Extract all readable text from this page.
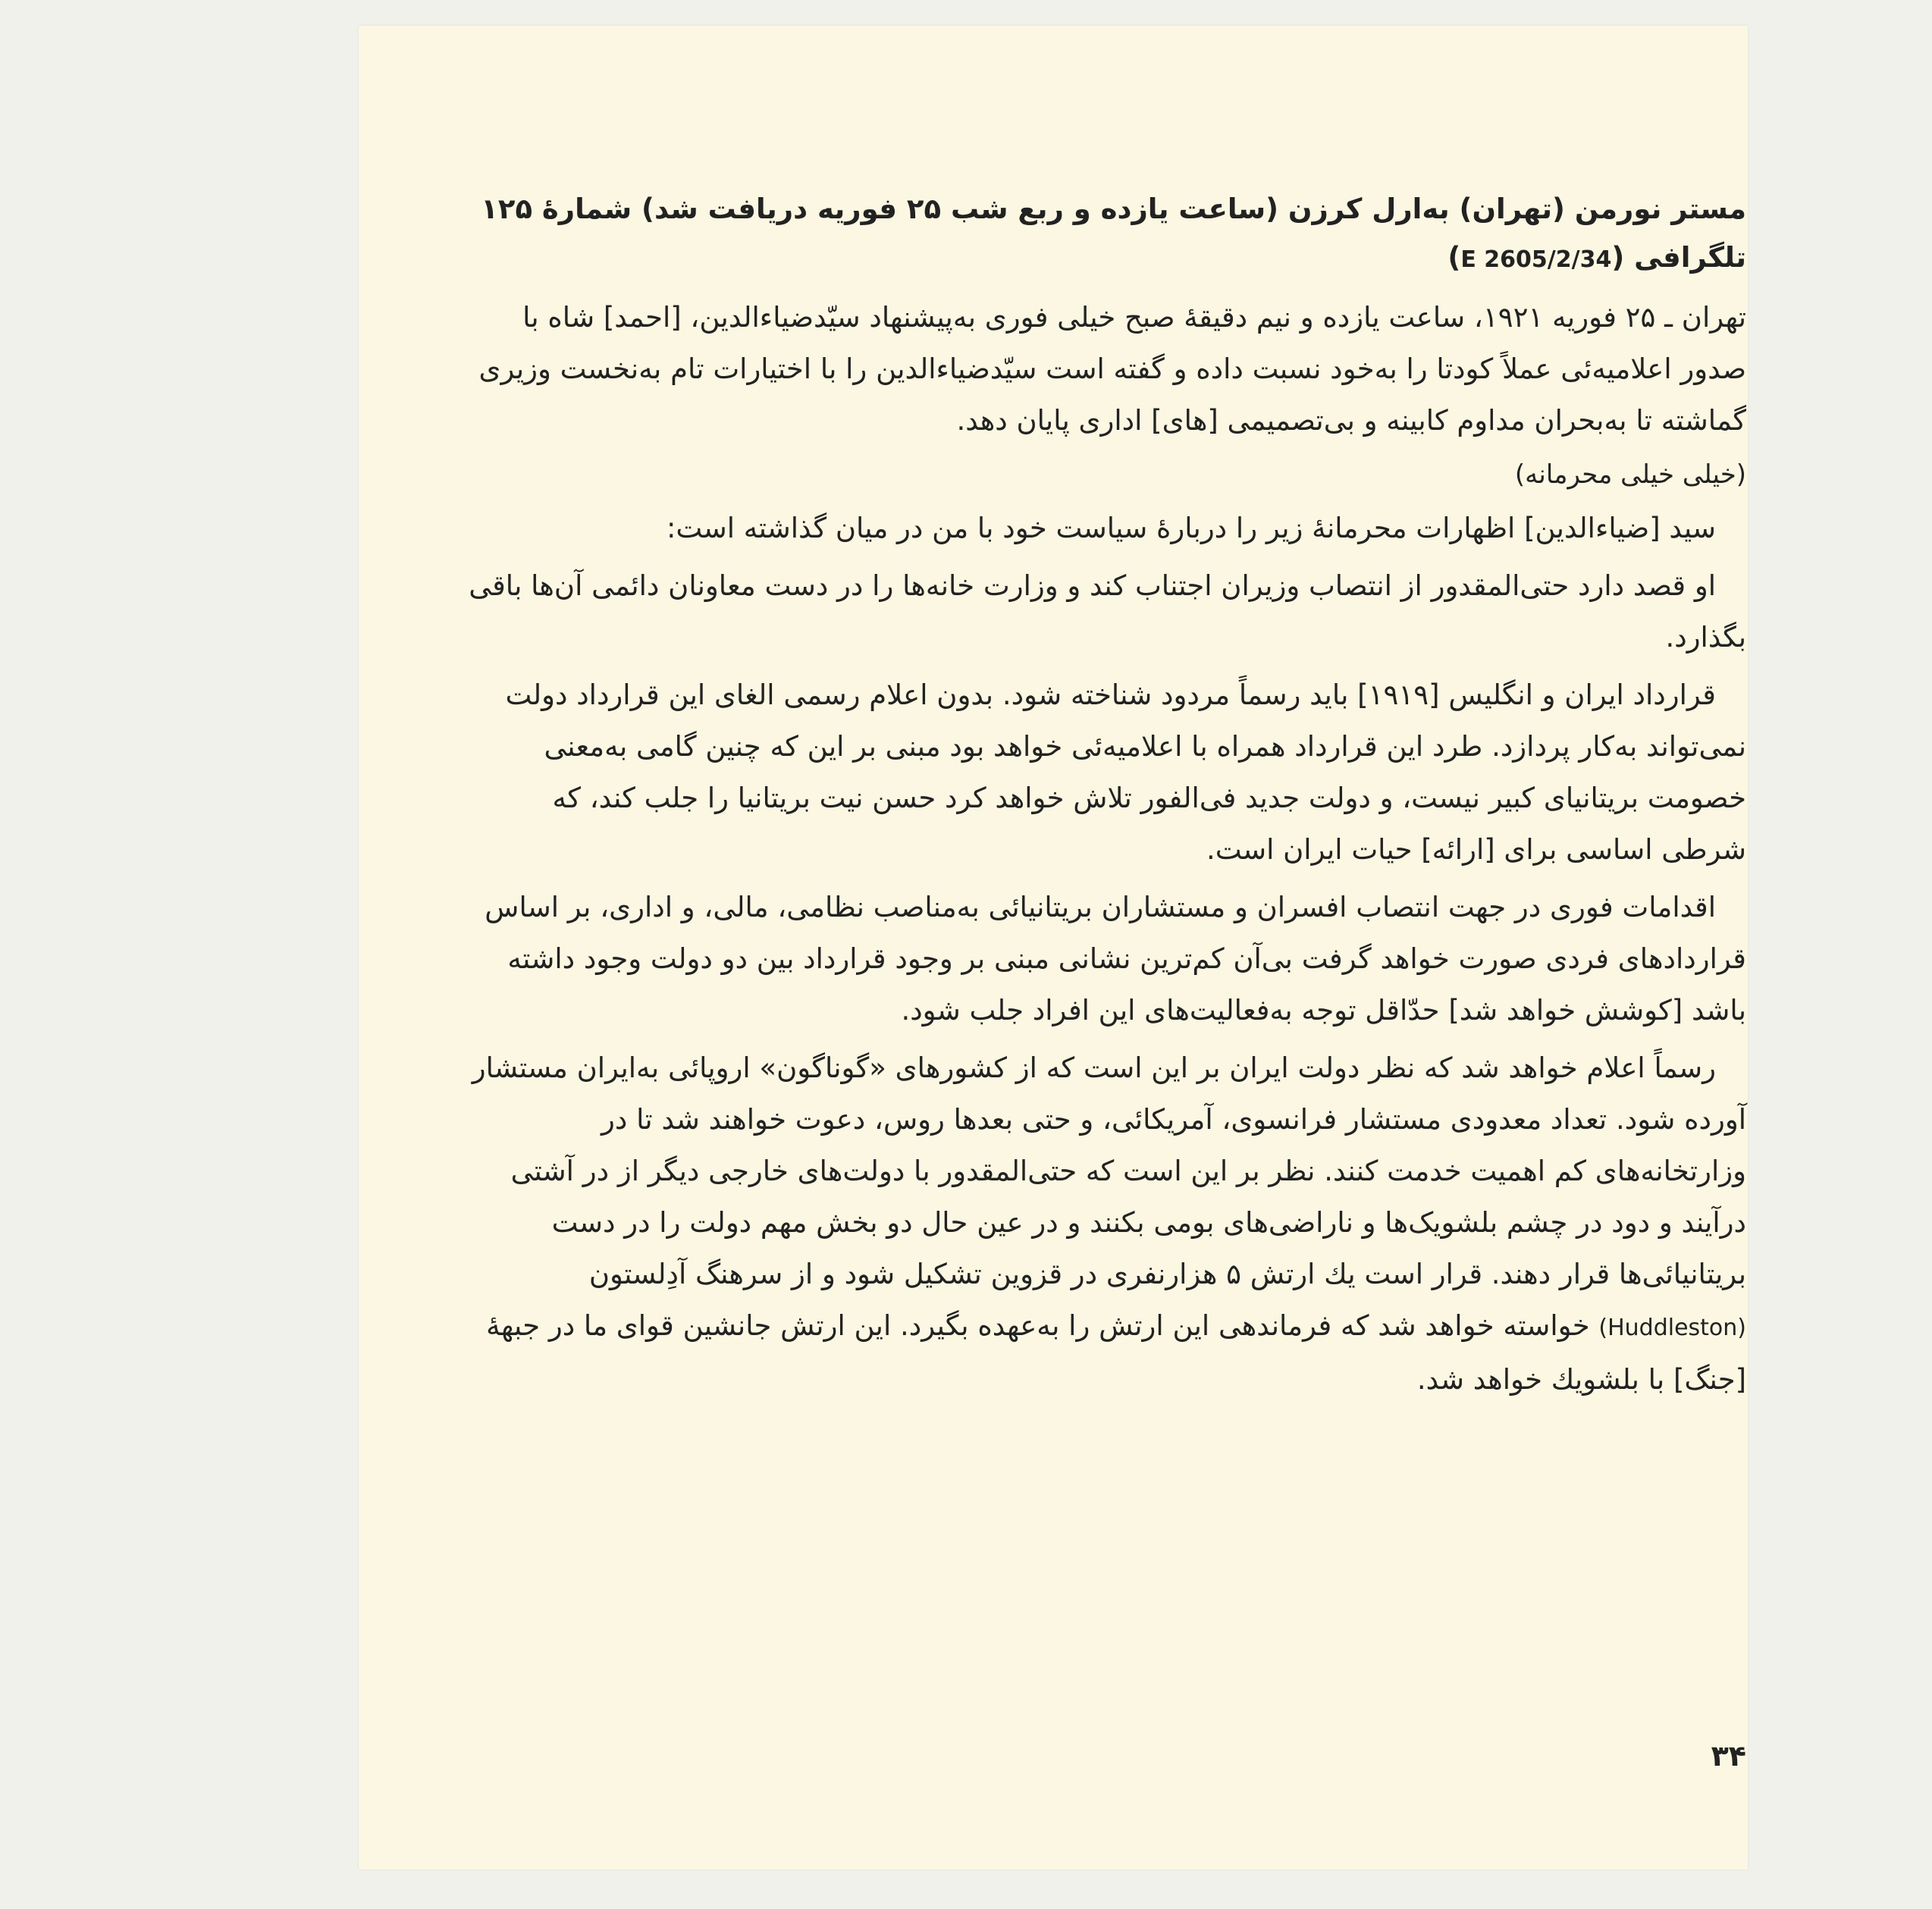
مستر نورمن (تهران) به‌ارل کرزن (ساعت یازده و ربع شب ۲۵ فوریه دریافت شد) شمارهٔ ۱۲۵ تلگرافی (E 2605/2/34)

تهران ـ ۲۵ فوریه ۱۹۲۱، ساعت یازده و نیم دقیقهٔ صبح خیلی فوری به‌پیشنهاد سیّدضیاءالدین، [احمد] شاه با صدور اعلامیه‌ئی عملاً کودتا را به‌خود نسبت داده و گفته است سیّدضیاءالدین را با اختیارات تام به‌نخست وزیری گماشته تا به‌بحران مداوم کابینه و بی‌تصمیمی [های] اداری پایان دهد.

(خیلی خیلی محرمانه)

سید [ضیاءالدین] اظهارات محرمانهٔ زیر را دربارهٔ سیاست خود با من در میان گذاشته است:

او قصد دارد حتی‌المقدور از انتصاب وزیران اجتناب کند و وزارت خانه‌ها را در دست معاونان دائمی آن‌ها باقی بگذارد.

قرارداد ایران و انگلیس [۱۹۱۹] باید رسماً مردود شناخته شود. بدون اعلام رسمی الغای این قرارداد دولت نمی‌تواند به‌کار پردازد. طرد این قرارداد همراه با اعلامیه‌ئی خواهد بود مبنی بر این که چنین گامی به‌معنی خصومت بریتانیای کبیر نیست، و دولت جدید فی‌الفور تلاش خواهد کرد حسن نیت بریتانیا را جلب کند، که شرطی اساسی برای [ارائه] حیات ایران است.

اقدامات فوری در جهت انتصاب افسران و مستشاران بریتانیائی به‌مناصب نظامی، مالی، و اداری، بر اساس قراردادهای فردی صورت خواهد گرفت بی‌آن کم‌ترین نشانی مبنی بر وجود قرارداد بین دو دولت وجود داشته باشد [کوشش خواهد شد] حدّاقل توجه به‌فعالیت‌های این افراد جلب شود.

رسماً اعلام خواهد شد که نظر دولت ایران بر این است که از کشورهای «گوناگون» اروپائی به‌ایران مستشار آورده شود. تعداد معدودی مستشار فرانسوی، آمریکائی، و حتی بعدها روس، دعوت خواهند شد تا در وزارتخانه‌های کم اهمیت خدمت کنند. نظر بر این است که حتی‌المقدور با دولت‌های خارجی دیگر از در آشتی درآیند و دود در چشم بلشویک‌ها و ناراضی‌های بومی بکنند و در عین حال دو بخش مهم دولت را در دست بریتانیائی‌ها قرار دهند. قرار است یك ارتش ۵ هزارنفری در قزوین تشکیل شود و از سرهنگ آدِلستون (Huddleston) خواسته خواهد شد که فرماندهی این ارتش را به‌عهده بگیرد. این ارتش جانشین قوای ما در جبههٔ [جنگ] با بلشویك خواهد شد.

۳۴
